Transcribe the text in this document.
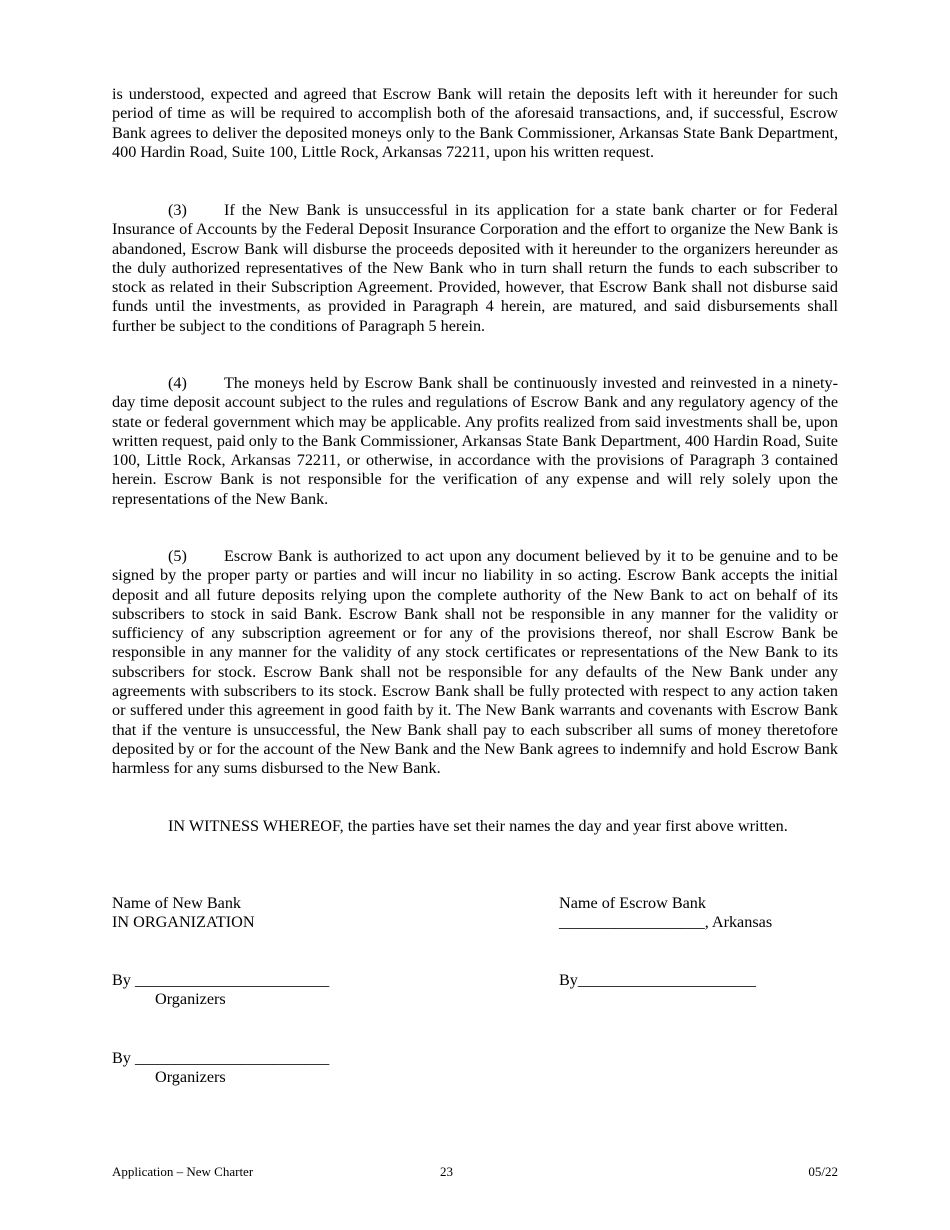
is understood, expected and agreed that Escrow Bank will retain the deposits left with it hereunder for such period of time as will be required to accomplish both of the aforesaid transactions, and, if successful, Escrow Bank agrees to deliver the deposited moneys only to the Bank Commissioner, Arkansas State Bank Department, 400 Hardin Road, Suite 100, Little Rock, Arkansas 72211, upon his written request.

(3) If the New Bank is unsuccessful in its application for a state bank charter or for Federal Insurance of Accounts by the Federal Deposit Insurance Corporation and the effort to organize the New Bank is abandoned, Escrow Bank will disburse the proceeds deposited with it hereunder to the organizers hereunder as the duly authorized representatives of the New Bank who in turn shall return the funds to each subscriber to stock as related in their Subscription Agreement. Provided, however, that Escrow Bank shall not disburse said funds until the investments, as provided in Paragraph 4 herein, are matured, and said disbursements shall further be subject to the conditions of Paragraph 5 herein.

(4) The moneys held by Escrow Bank shall be continuously invested and reinvested in a ninety-day time deposit account subject to the rules and regulations of Escrow Bank and any regulatory agency of the state or federal government which may be applicable. Any profits realized from said investments shall be, upon written request, paid only to the Bank Commissioner, Arkansas State Bank Department, 400 Hardin Road, Suite 100, Little Rock, Arkansas 72211, or otherwise, in accordance with the provisions of Paragraph 3 contained herein. Escrow Bank is not responsible for the verification of any expense and will rely solely upon the representations of the New Bank.

(5) Escrow Bank is authorized to act upon any document believed by it to be genuine and to be signed by the proper party or parties and will incur no liability in so acting. Escrow Bank accepts the initial deposit and all future deposits relying upon the complete authority of the New Bank to act on behalf of its subscribers to stock in said Bank. Escrow Bank shall not be responsible in any manner for the validity or sufficiency of any subscription agreement or for any of the provisions thereof, nor shall Escrow Bank be responsible in any manner for the validity of any stock certificates or representations of the New Bank to its subscribers for stock. Escrow Bank shall not be responsible for any defaults of the New Bank under any agreements with subscribers to its stock. Escrow Bank shall be fully protected with respect to any action taken or suffered under this agreement in good faith by it. The New Bank warrants and covenants with Escrow Bank that if the venture is unsuccessful, the New Bank shall pay to each subscriber all sums of money theretofore deposited by or for the account of the New Bank and the New Bank agrees to indemnify and hold Escrow Bank harmless for any sums disbursed to the New Bank.

IN WITNESS WHEREOF, the parties have set their names the day and year first above written.

Name of New Bank
IN ORGANIZATION
By ________________________
Organizers
By ________________________
Organizers
Name of Escrow Bank
__________________, Arkansas
By______________________
Application – New Charter	23	05/22
